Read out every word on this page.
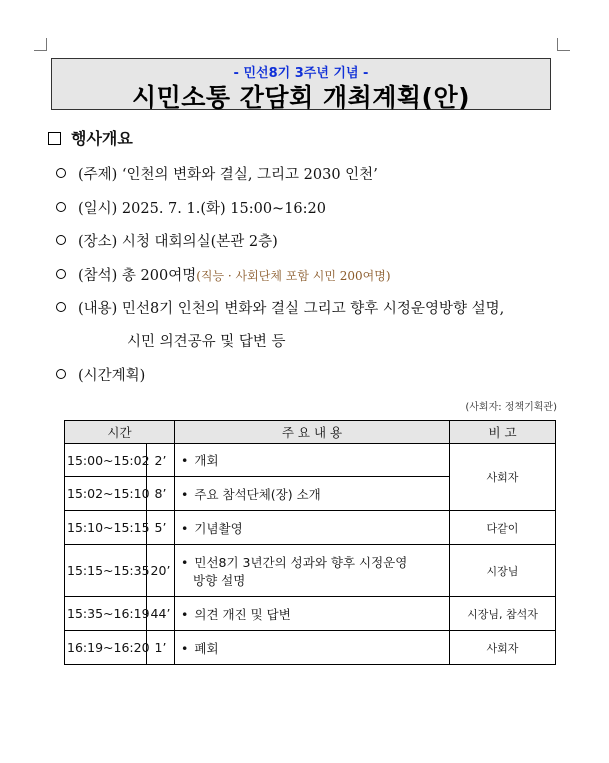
- 민선8기 3주년 기념 -
시민소통 간담회 개최계획(안)
행사개요
(주제) ‘인천의 변화와 결실, 그리고 2030 인천’
(일시) 2025. 7. 1.(화) 15:00~16:20
(장소) 시청 대회의실(본관 2층)
(참석) 총 200여명(직능 · 사회단체 포함 시민 200여명)
(내용) 민선8기 인천의 변화와 결실 그리고 향후 시정운영방향 설명,
시민 의견공유 및 답변 등
(시간계획)
(사회자: 정책기획관)
시간		주 요 내 용	비 고
15:00~15:02	2’	• 개회	사회자
15:02~15:10	8’	• 주요 참석단체(장) 소개	
15:10~15:15	5’	• 기념촬영	다같이
15:15~15:35	20’	• 민선8기 3년간의 성과와 향후 시정운영
방향 설명	시장님
15:35~16:19	44’	• 의견 개진 및 답변	시장님, 참석자
16:19~16:20	1’	• 폐회	사회자
